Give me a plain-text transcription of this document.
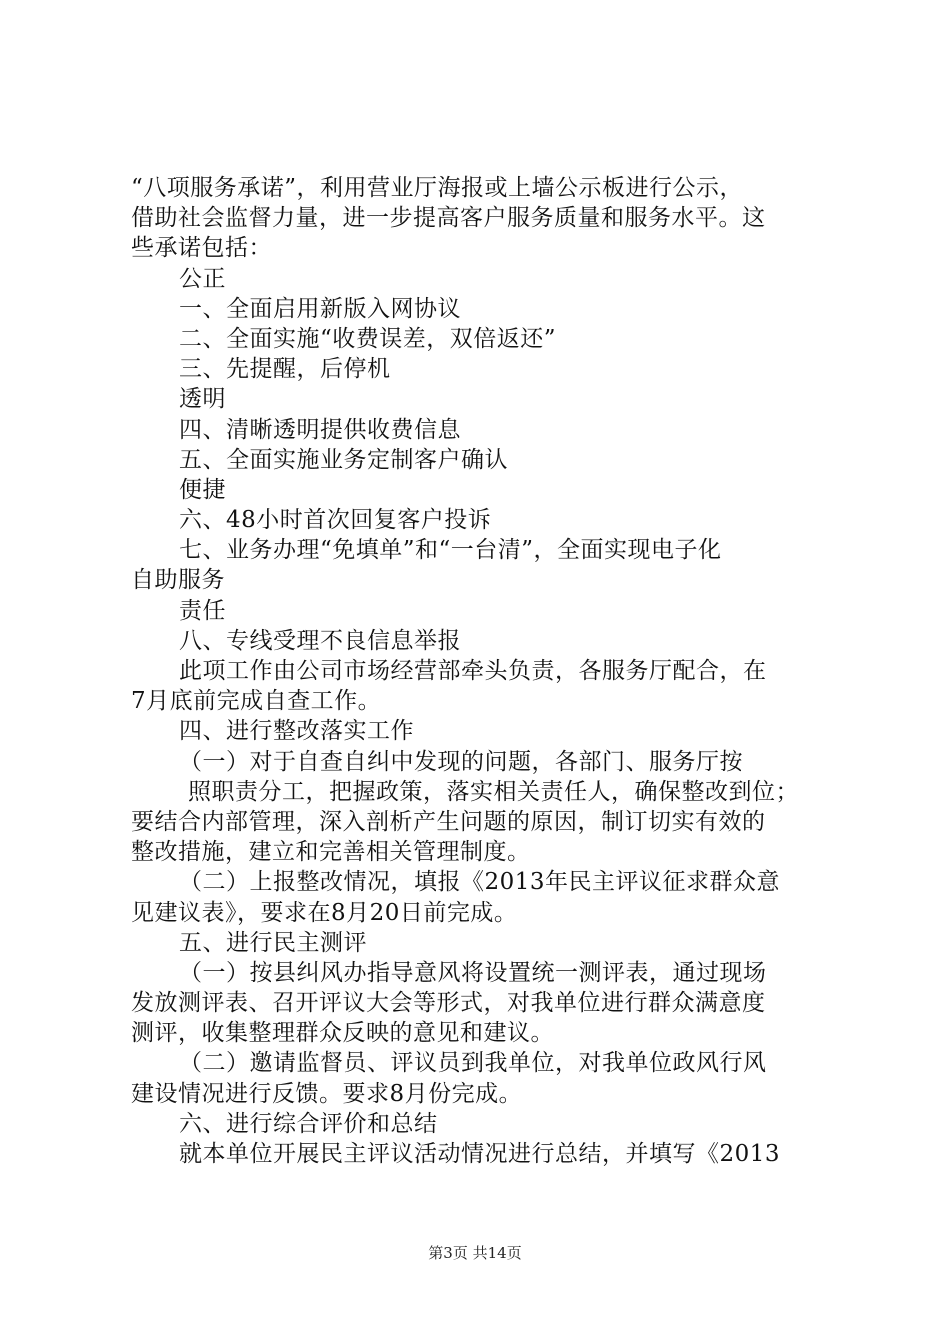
“八项服务承诺”，利用营业厅海报或上墙公示板进行公示，
借助社会监督力量，进一步提高客户服务质量和服务水平。这
些承诺包括：
公正
一、全面启用新版入网协议
二、全面实施“收费误差，双倍返还”
三、先提醒，后停机
透明
四、清晰透明提供收费信息
五、全面实施业务定制客户确认
便捷
六、48小时首次回复客户投诉
七、业务办理“免填单”和“一台清”，全面实现电子化
自助服务
责任
八、专线受理不良信息举报
此项工作由公司市场经营部牵头负责，各服务厅配合，在
7月底前完成自查工作。
四、进行整改落实工作
（一）对于自查自纠中发现的问题，各部门、服务厅按
照职责分工，把握政策，落实相关责任人，确保整改到位；
要结合内部管理，深入剖析产生问题的原因，制订切实有效的
整改措施，建立和完善相关管理制度。
（二）上报整改情况，填报《2013年民主评议征求群众意
见建议表》，要求在8月20日前完成。
五、进行民主测评
（一）按县纠风办指导意风将设置统一测评表，通过现场
发放测评表、召开评议大会等形式，对我单位进行群众满意度
测评，收集整理群众反映的意见和建议。
（二）邀请监督员、评议员到我单位，对我单位政风行风
建设情况进行反馈。要求8月份完成。
六、进行综合评价和总结
就本单位开展民主评议活动情况进行总结，并填写《2013
第3页 共14页
